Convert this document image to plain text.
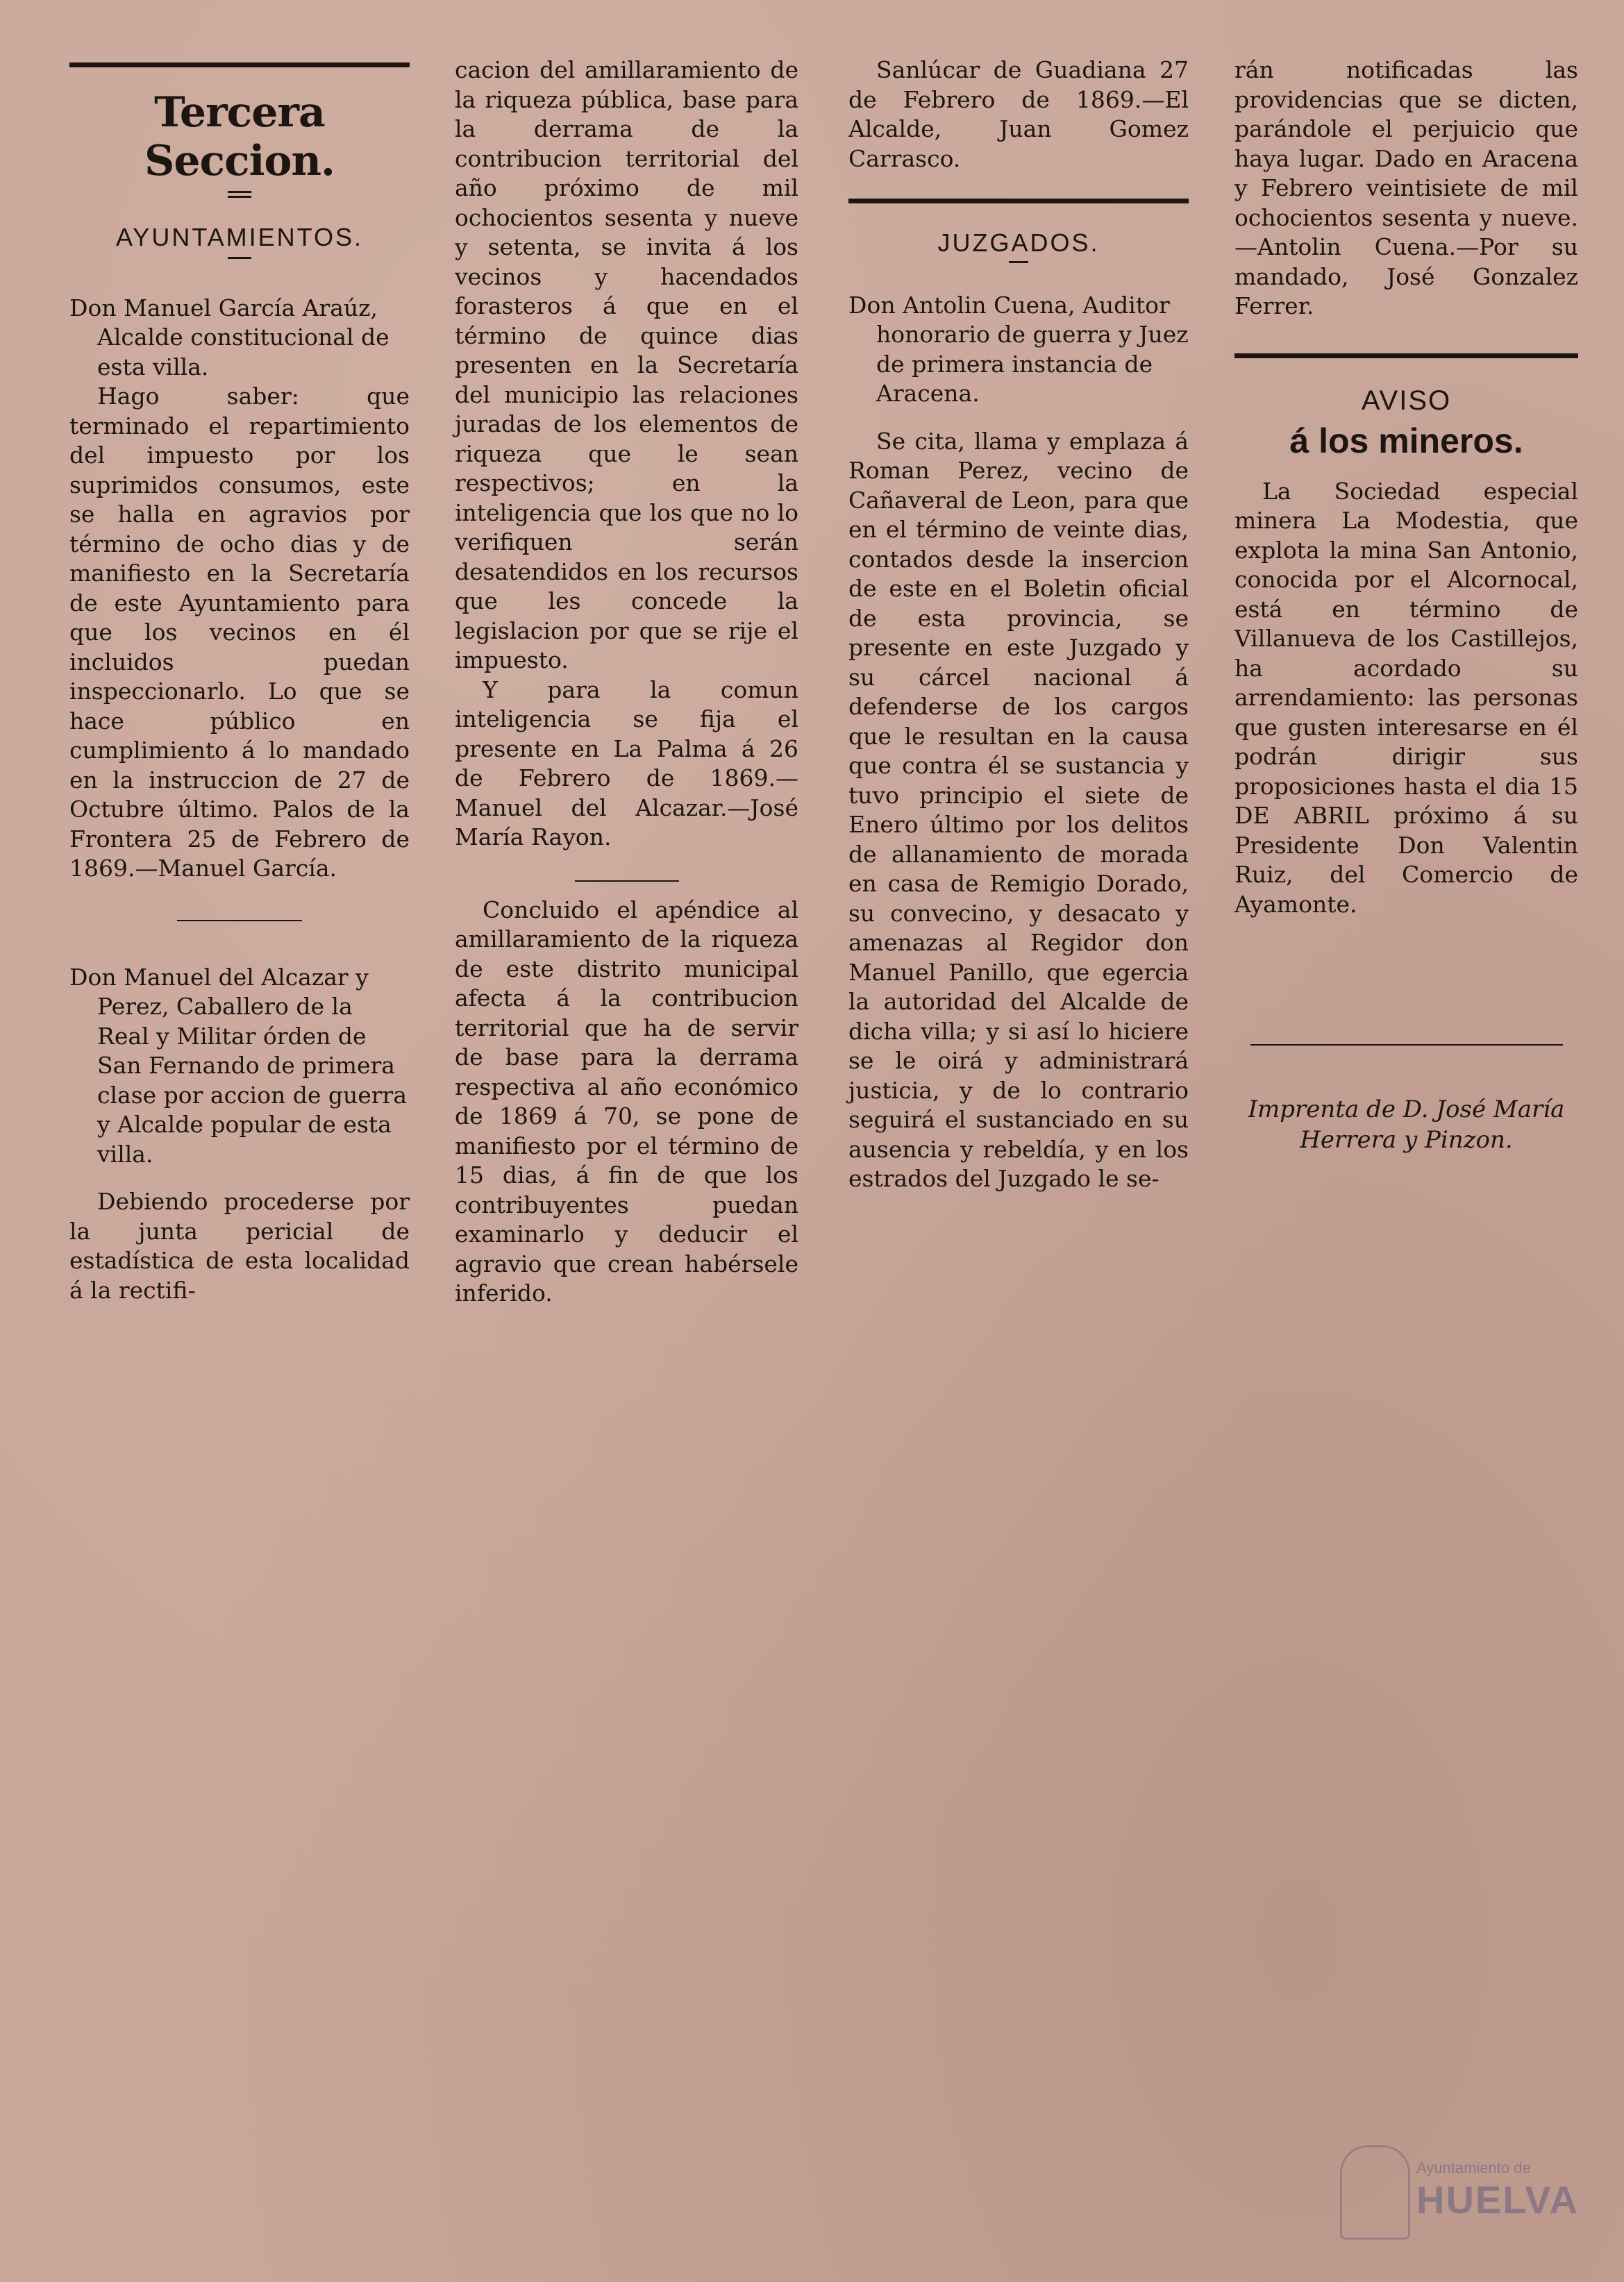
Tercera Seccion.
AYUNTAMIENTOS.

Don Manuel García Araúz, Alcalde constitucional de esta villa.

Hago saber: que terminado el repartimiento del impuesto por los suprimidos consumos, este se halla en agravios por término de ocho dias y de manifiesto en la Secretaría de este Ayuntamiento para que los vecinos en él incluidos puedan inspeccionarlo. Lo que se hace público en cumplimiento á lo mandado en la instruccion de 27 de Octubre último. Palos de la Frontera 25 de Febrero de 1869.—Manuel García.

Don Manuel del Alcazar y Perez, Caballero de la Real y Militar órden de San Fernando de primera clase por accion de guerra y Alcalde popular de esta villa.

Debiendo procederse por la junta pericial de estadística de esta localidad á la rectifi-

cacion del amillaramiento de la riqueza pública, base para la derrama de la contribucion territorial del año próximo de mil ochocientos sesenta y nueve y setenta, se invita á los vecinos y hacendados forasteros á que en el término de quince dias presenten en la Secretaría del municipio las relaciones juradas de los elementos de riqueza que le sean respectivos; en la inteligencia que los que no lo verifiquen serán desatendidos en los recursos que les concede la legislacion por que se rije el impuesto.

Y para la comun inteligencia se fija el presente en La Palma á 26 de Febrero de 1869.—Manuel del Alcazar.—José María Rayon.

Concluido el apéndice al amillaramiento de la riqueza de este distrito municipal afecta á la contribucion territorial que ha de servir de base para la derrama respectiva al año económico de 1869 á 70, se pone de manifiesto por el término de 15 dias, á fin de que los contribuyentes puedan examinarlo y deducir el agravio que crean habérsele inferido.

Sanlúcar de Guadiana 27 de Febrero de 1869.—El Alcalde, Juan Gomez Carrasco.

JUZGADOS.

Don Antolin Cuena, Auditor honorario de guerra y Juez de primera instancia de Aracena.

Se cita, llama y emplaza á Roman Perez, vecino de Cañaveral de Leon, para que en el término de veinte dias, contados desde la insercion de este en el Boletin oficial de esta provincia, se presente en este Juzgado y su cárcel nacional á defenderse de los cargos que le resultan en la causa que contra él se sustancia y tuvo principio el siete de Enero último por los delitos de allanamiento de morada en casa de Remigio Dorado, su convecino, y desacato y amenazas al Regidor don Manuel Panillo, que egercia la autoridad del Alcalde de dicha villa; y si así lo hiciere se le oirá y administrará justicia, y de lo contrario seguirá el sustanciado en su ausencia y rebeldía, y en los estrados del Juzgado le se-

rán notificadas las providencias que se dicten, parándole el perjuicio que haya lugar. Dado en Aracena y Febrero veintisiete de mil ochocientos sesenta y nueve.—Antolin Cuena.—Por su mandado, José Gonzalez Ferrer.

AVISO
á los mineros.

La Sociedad especial minera La Modestia, que explota la mina San Antonio, conocida por el Alcornocal, está en término de Villanueva de los Castillejos, ha acordado su arrendamiento: las personas que gusten interesarse en él podrán dirigir sus proposiciones hasta el dia 15 DE ABRIL próximo á su Presidente Don Valentin Ruiz, del Comercio de Ayamonte.

Imprenta de D. José María Herrera y Pinzon.
Ayuntamiento de
HUELVA
